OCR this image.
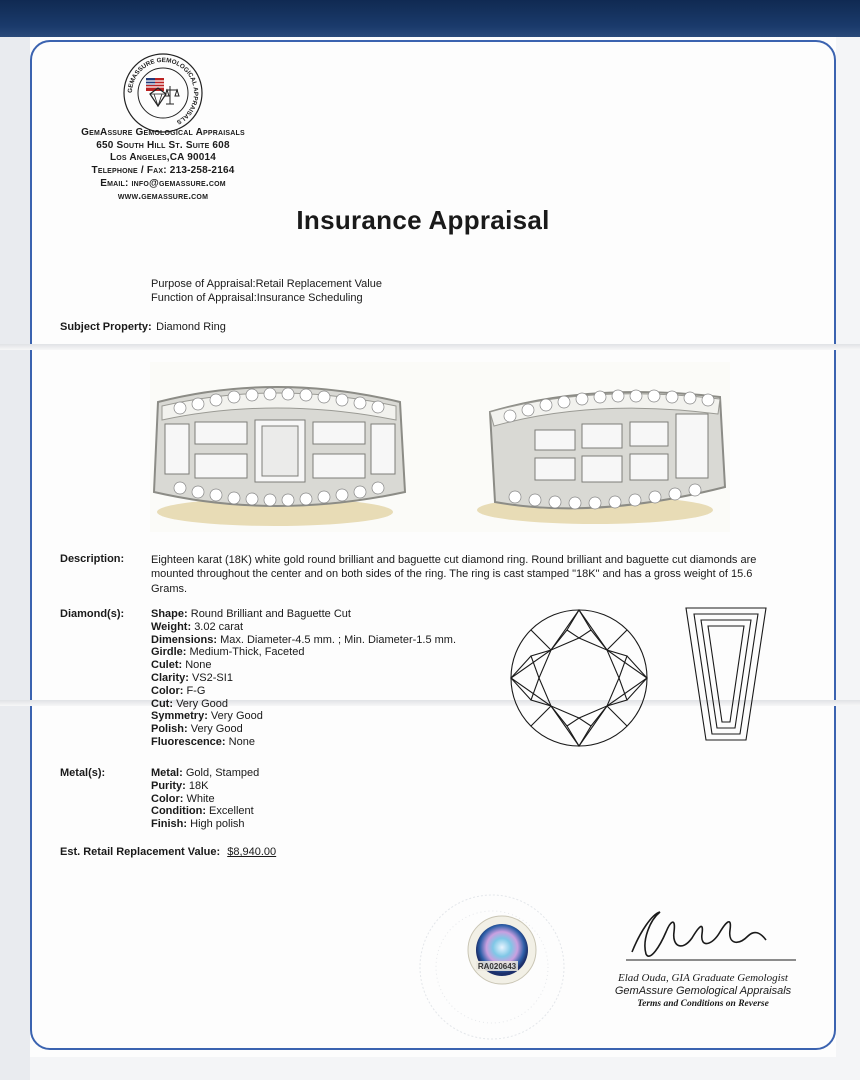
GEMASSURE GEMOLOGICAL APPRAISALS
GemAssure Gemological Appraisals
650 South Hill St. Suite 608
Los Angeles,CA 90014
Telephone / Fax: 213-258-2164
Email: info@gemassure.com
www.gemassure.com
Insurance Appraisal
Purpose of Appraisal:Retail Replacement Value
Function of Appraisal:Insurance Scheduling
Subject Property: Diamond Ring
Description: Eighteen karat (18K) white gold round brilliant and baguette cut diamond ring. Round brilliant and baguette cut diamonds are mounted throughout the center and on both sides of the ring. The ring is cast stamped "18K" and has a gross weight of 15.6 Grams.
Diamond(s): Shape: Round Brilliant and Baguette Cut
Weight: 3.02 carat
Dimensions: Max. Diameter-4.5 mm. ; Min. Diameter-1.5 mm.
Girdle: Medium-Thick, Faceted
Culet: None
Clarity: VS2-SI1
Color: F-G
Cut: Very Good
Symmetry: Very Good
Polish: Very Good
Fluorescence: None
Metal(s):	Metal: Gold, Stamped
Purity: 18K
Color: White
Condition: Excellent
Finish: High polish
Est. Retail Replacement Value: $8,940.00
RA020643
Elad Ouda, GIA Graduate Gemologist
GemAssure Gemological Appraisals
Terms and Conditions on Reverse
